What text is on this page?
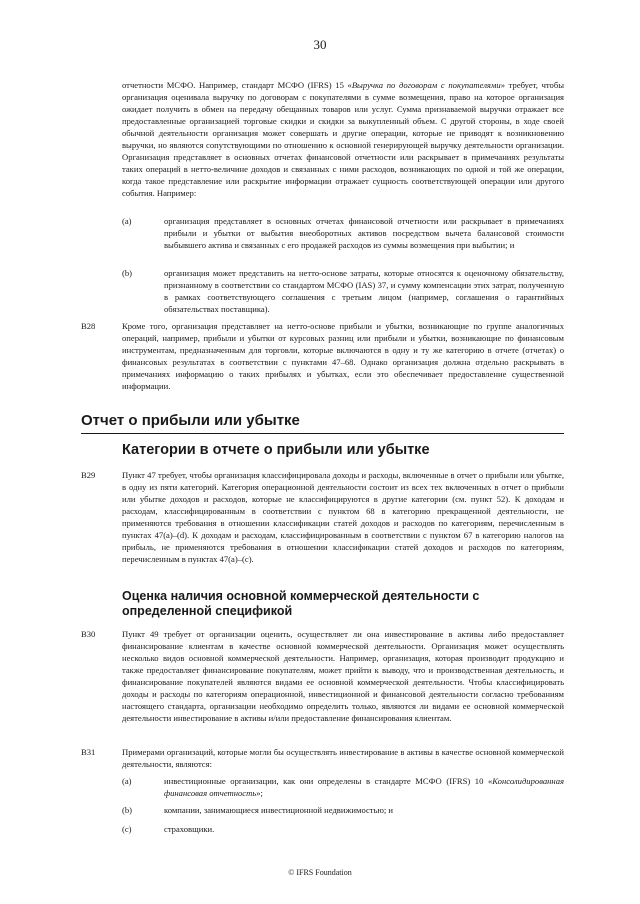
30
отчетности МСФО. Например, стандарт МСФО (IFRS) 15 «Выручка по договорам с покупателями» требует, чтобы организация оценивала выручку по договорам с покупателями в сумме возмещения, право на которое организация ожидает получить в обмен на передачу обещанных товаров или услуг. Сумма признаваемой выручки отражает все предоставленные организацией торговые скидки и скидки за выкупленный объем. С другой стороны, в ходе своей обычной деятельности организация может совершать и другие операции, которые не приводят к возникновению выручки, но являются сопутствующими по отношению к основной генерирующей выручку деятельности организации. Организация представляет в основных отчетах финансовой отчетности или раскрывает в примечаниях результаты таких операций в нетто-величине доходов и связанных с ними расходов, возникающих по одной и той же операции, когда такое представление или раскрытие информации отражает сущность соответствующей операции или другого события. Например:
(a)	организация представляет в основных отчетах финансовой отчетности или раскрывает в примечаниях прибыли и убытки от выбытия внеоборотных активов посредством вычета балансовой стоимости выбывшего актива и связанных с его продажей расходов из суммы возмещения при выбытии; и
(b)	организация может представить на нетто-основе затраты, которые относятся к оценочному обязательству, признанному в соответствии со стандартом МСФО (IAS) 37, и сумму компенсации этих затрат, полученную в рамках соответствующего соглашения с третьим лицом (например, соглашения о гарантийных обязательствах поставщика).
B28	Кроме того, организация представляет на нетто-основе прибыли и убытки, возникающие по группе аналогичных операций, например, прибыли и убытки от курсовых разниц или прибыли и убытки, возникающие по финансовым инструментам, предназначенным для торговли, которые включаются в одну и ту же категорию в отчете (отчетах) о финансовых результатах в соответствии с пунктами 47–68. Однако организация должна отдельно раскрывать в примечаниях информацию о таких прибылях и убытках, если это обеспечивает предоставление существенной информации.
Отчет о прибыли или убытке
Категории в отчете о прибыли или убытке
B29	Пункт 47 требует, чтобы организация классифицировала доходы и расходы, включенные в отчет о прибыли или убытке, в одну из пяти категорий. Категория операционной деятельности состоит из всех тех включенных в отчет о прибыли или убытке доходов и расходов, которые не классифицируются в другие категории (см. пункт 52). К доходам и расходам, классифицированным в соответствии с пунктом 68 в категорию прекращенной деятельности, не применяются требования в отношении классификации статей доходов и расходов по категориям, перечисленным в пунктах 47(a)–(d). К доходам и расходам, классифицированным в соответствии с пунктом 67 в категорию налогов на прибыль, не применяются требования в отношении классификации статей доходов и расходов по категориям, перечисленным в пунктах 47(a)–(c).
Оценка наличия основной коммерческой деятельности с определенной спецификой
B30	Пункт 49 требует от организации оценить, осуществляет ли она инвестирование в активы либо предоставляет финансирование клиентам в качестве основной коммерческой деятельности. Организация может осуществлять несколько видов основной коммерческой деятельности. Например, организация, которая производит продукцию и также предоставляет финансирование покупателям, может прийти к выводу, что и производственная деятельность, и финансирование покупателей являются видами ее основной коммерческой деятельности. Чтобы классифицировать доходы и расходы по категориям операционной, инвестиционной и финансовой деятельности согласно требованиям настоящего стандарта, организации необходимо определить только, являются ли видами ее основной коммерческой деятельности инвестирование в активы и/или предоставление финансирования клиентам.
B31	Примерами организаций, которые могли бы осуществлять инвестирование в активы в качестве основной коммерческой деятельности, являются:
(a)	инвестиционные организации, как они определены в стандарте МСФО (IFRS) 10 «Консолидированная финансовая отчетность»;
(b)	компании, занимающиеся инвестиционной недвижимостью; и
(c)	страховщики.
© IFRS Foundation
